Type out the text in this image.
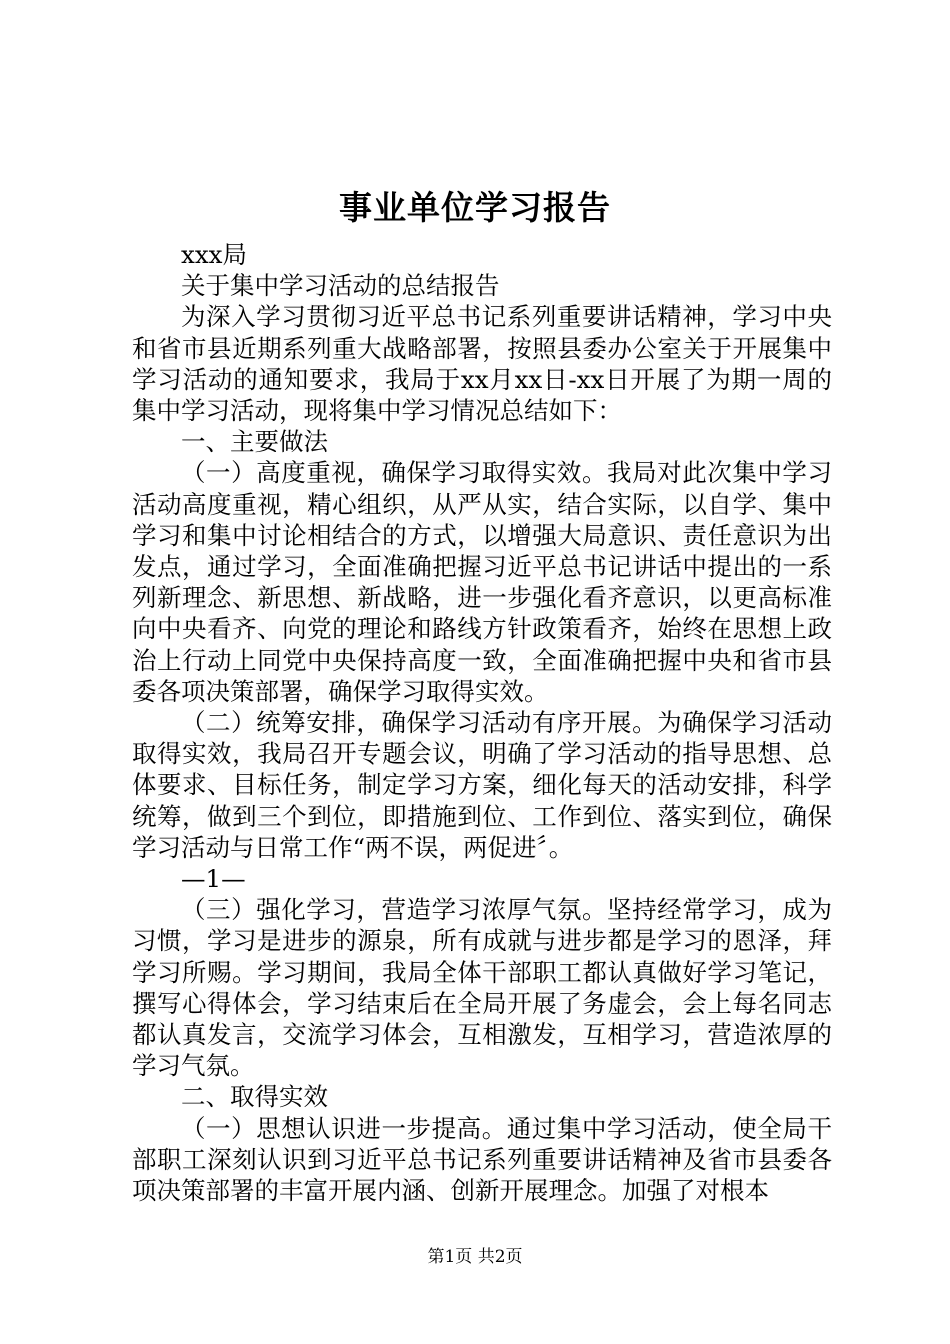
事业单位学习报告

xxx局

关于集中学习活动的总结报告

为深入学习贯彻习近平总书记系列重要讲话精神，学习中央和省市县近期系列重大战略部署，按照县委办公室关于开展集中学习活动的通知要求，我局于xx月xx日-xx日开展了为期一周的集中学习活动，现将集中学习情况总结如下：

一、主要做法

（一）高度重视，确保学习取得实效。我局对此次集中学习活动高度重视，精心组织，从严从实，结合实际，以自学、集中学习和集中讨论相结合的方式，以增强大局意识、责任意识为出发点，通过学习，全面准确把握习近平总书记讲话中提出的一系列新理念、新思想、新战略，进一步强化看齐意识，以更高标准向中央看齐、向党的理论和路线方针政策看齐，始终在思想上政治上行动上同党中央保持高度一致，全面准确把握中央和省市县委各项决策部署，确保学习取得实效。

（二）统筹安排，确保学习活动有序开展。为确保学习活动取得实效，我局召开专题会议，明确了学习活动的指导思想、总体要求、目标任务，制定学习方案，细化每天的活动安排，科学统筹，做到三个到位，即措施到位、工作到位、落实到位，确保学习活动与日常工作“两不误，两促进〞。

—1—

（三）强化学习，营造学习浓厚气氛。坚持经常学习，成为习惯，学习是进步的源泉，所有成就与进步都是学习的恩泽，拜学习所赐。学习期间，我局全体干部职工都认真做好学习笔记，撰写心得体会，学习结束后在全局开展了务虚会，会上每名同志都认真发言，交流学习体会，互相激发，互相学习，营造浓厚的学习气氛。

二、取得实效

（一）思想认识进一步提高。通过集中学习活动，使全局干部职工深刻认识到习近平总书记系列重要讲话精神及省市县委各项决策部署的丰富开展内涵、创新开展理念。加强了对根本

第1页 共2页
